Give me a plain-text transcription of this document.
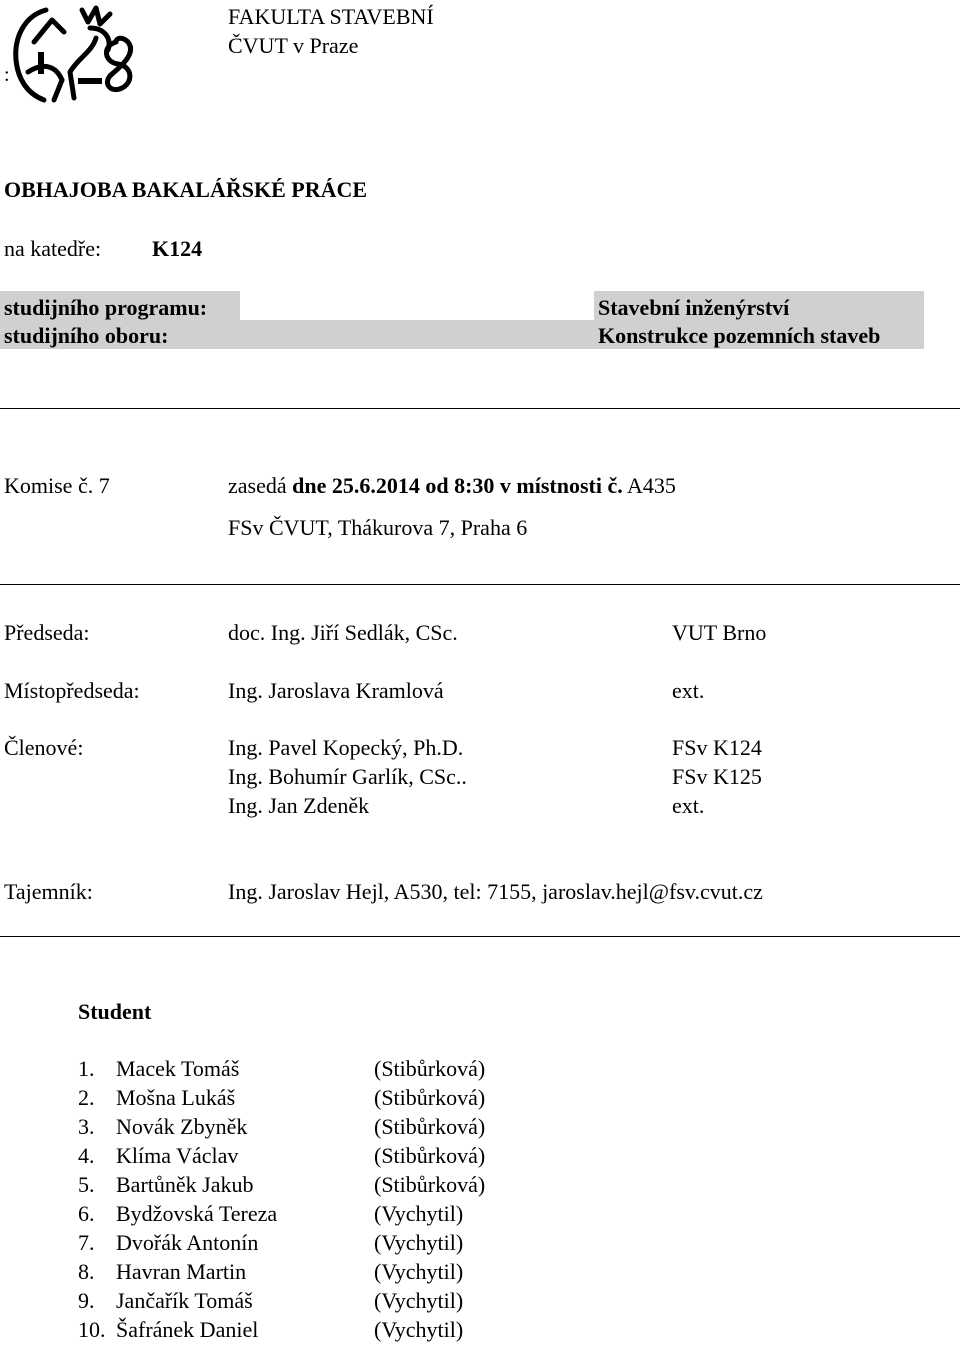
:
FAKULTA STAVEBNÍ
ČVUT v Praze
OBHAJOBA BAKALÁŘSKÉ PRÁCE
na katedře: K124
studijního programu:	Stavební inženýrství
studijního oboru:	Konstrukce pozemních staveb
Komise č. 7	zasedá dne 25.6.2014 od 8:30 v místnosti č. A435
FSv ČVUT, Thákurova 7, Praha 6
Předseda:	doc. Ing. Jiří Sedlák, CSc.	VUT Brno
Místopředseda:	Ing. Jaroslava Kramlová	ext.
Členové:	Ing. Pavel Kopecký, Ph.D.	FSv K124
Ing. Bohumír Garlík, CSc..	FSv K125
Ing. Jan Zdeněk	ext.
Tajemník:	Ing. Jaroslav Hejl, A530, tel: 7155, jaroslav.hejl@fsv.cvut.cz
Student
1. Macek Tomáš	(Stibůrková)
2. Mošna Lukáš	(Stibůrková)
3. Novák Zbyněk	(Stibůrková)
4. Klíma Václav	(Stibůrková)
5. Bartůněk Jakub	(Stibůrková)
6. Bydžovská Tereza	(Vychytil)
7. Dvořák Antonín	(Vychytil)
8. Havran Martin	(Vychytil)
9. Jančařík Tomáš	(Vychytil)
10. Šafránek Daniel	(Vychytil)
